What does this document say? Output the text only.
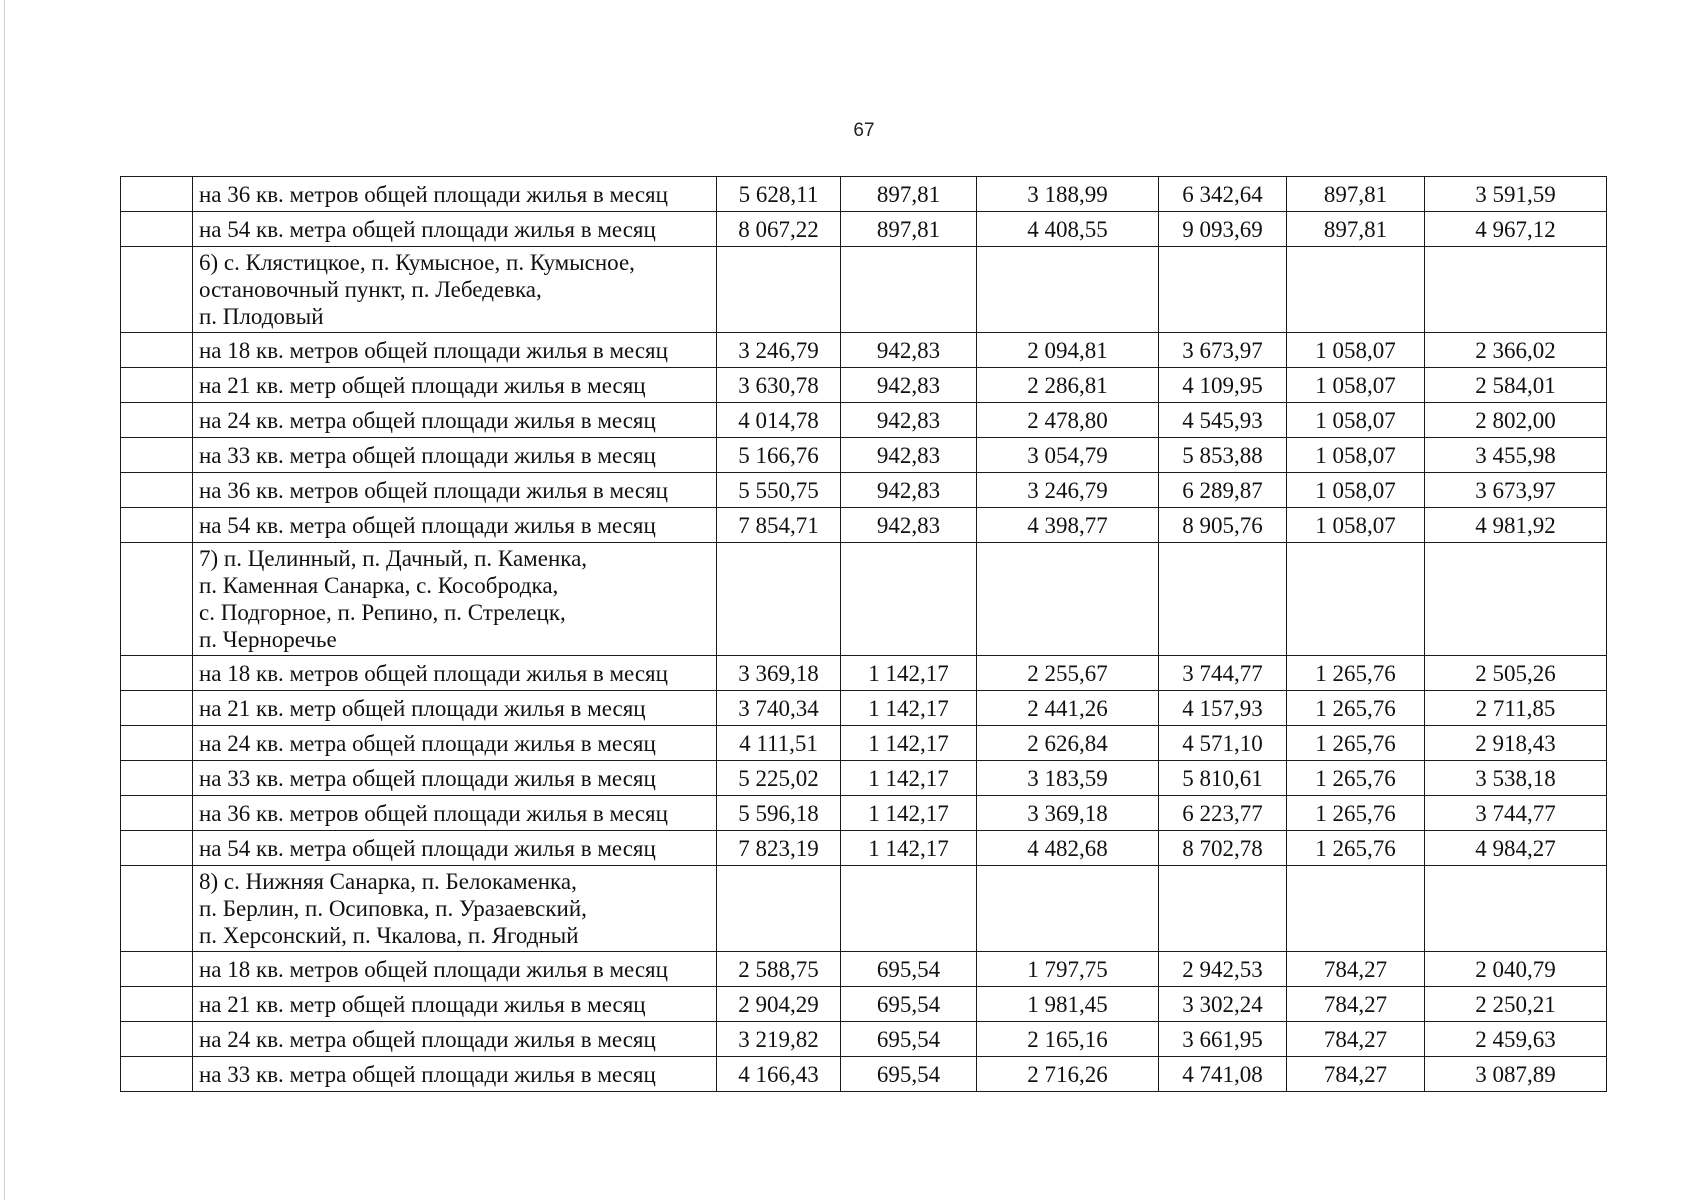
67
	на 36 кв. метров общей площади жилья в месяц	5 628,11	897,81	3 188,99	6 342,64	897,81	3 591,59
	на 54 кв. метра общей площади жилья в месяц	8 067,22	897,81	4 408,55	9 093,69	897,81	4 967,12

	6) с. Клястицкое, п. Кумысное, п. Кумысное,
остановочный пункт, п. Лебедевка,
п. Плодовый						

	на 18 кв. метров общей площади жилья в месяц	3 246,79	942,83	2 094,81	3 673,97	1 058,07	2 366,02
	на 21 кв. метр общей площади жилья в месяц	3 630,78	942,83	2 286,81	4 109,95	1 058,07	2 584,01
	на 24 кв. метра общей площади жилья в месяц	4 014,78	942,83	2 478,80	4 545,93	1 058,07	2 802,00
	на 33 кв. метра общей площади жилья в месяц	5 166,76	942,83	3 054,79	5 853,88	1 058,07	3 455,98
	на 36 кв. метров общей площади жилья в месяц	5 550,75	942,83	3 246,79	6 289,87	1 058,07	3 673,97
	на 54 кв. метра общей площади жилья в месяц	7 854,71	942,83	4 398,77	8 905,76	1 058,07	4 981,92

	7) п. Целинный, п. Дачный, п. Каменка,
п. Каменная Санарка, с. Кособродка,
с. Подгорное, п. Репино, п. Стрелецк,
п. Черноречье						

	на 18 кв. метров общей площади жилья в месяц	3 369,18	1 142,17	2 255,67	3 744,77	1 265,76	2 505,26
	на 21 кв. метр общей площади жилья в месяц	3 740,34	1 142,17	2 441,26	4 157,93	1 265,76	2 711,85
	на 24 кв. метра общей площади жилья в месяц	4 111,51	1 142,17	2 626,84	4 571,10	1 265,76	2 918,43
	на 33 кв. метра общей площади жилья в месяц	5 225,02	1 142,17	3 183,59	5 810,61	1 265,76	3 538,18
	на 36 кв. метров общей площади жилья в месяц	5 596,18	1 142,17	3 369,18	6 223,77	1 265,76	3 744,77
	на 54 кв. метра общей площади жилья в месяц	7 823,19	1 142,17	4 482,68	8 702,78	1 265,76	4 984,27

	8) с. Нижняя Санарка, п. Белокаменка,
п. Берлин, п. Осиповка, п. Уразаевский,
п. Херсонский, п. Чкалова, п. Ягодный						

	на 18 кв. метров общей площади жилья в месяц	2 588,75	695,54	1 797,75	2 942,53	784,27	2 040,79
	на 21 кв. метр общей площади жилья в месяц	2 904,29	695,54	1 981,45	3 302,24	784,27	2 250,21
	на 24 кв. метра общей площади жилья в месяц	3 219,82	695,54	2 165,16	3 661,95	784,27	2 459,63
	на 33 кв. метра общей площади жилья в месяц	4 166,43	695,54	2 716,26	4 741,08	784,27	3 087,89
